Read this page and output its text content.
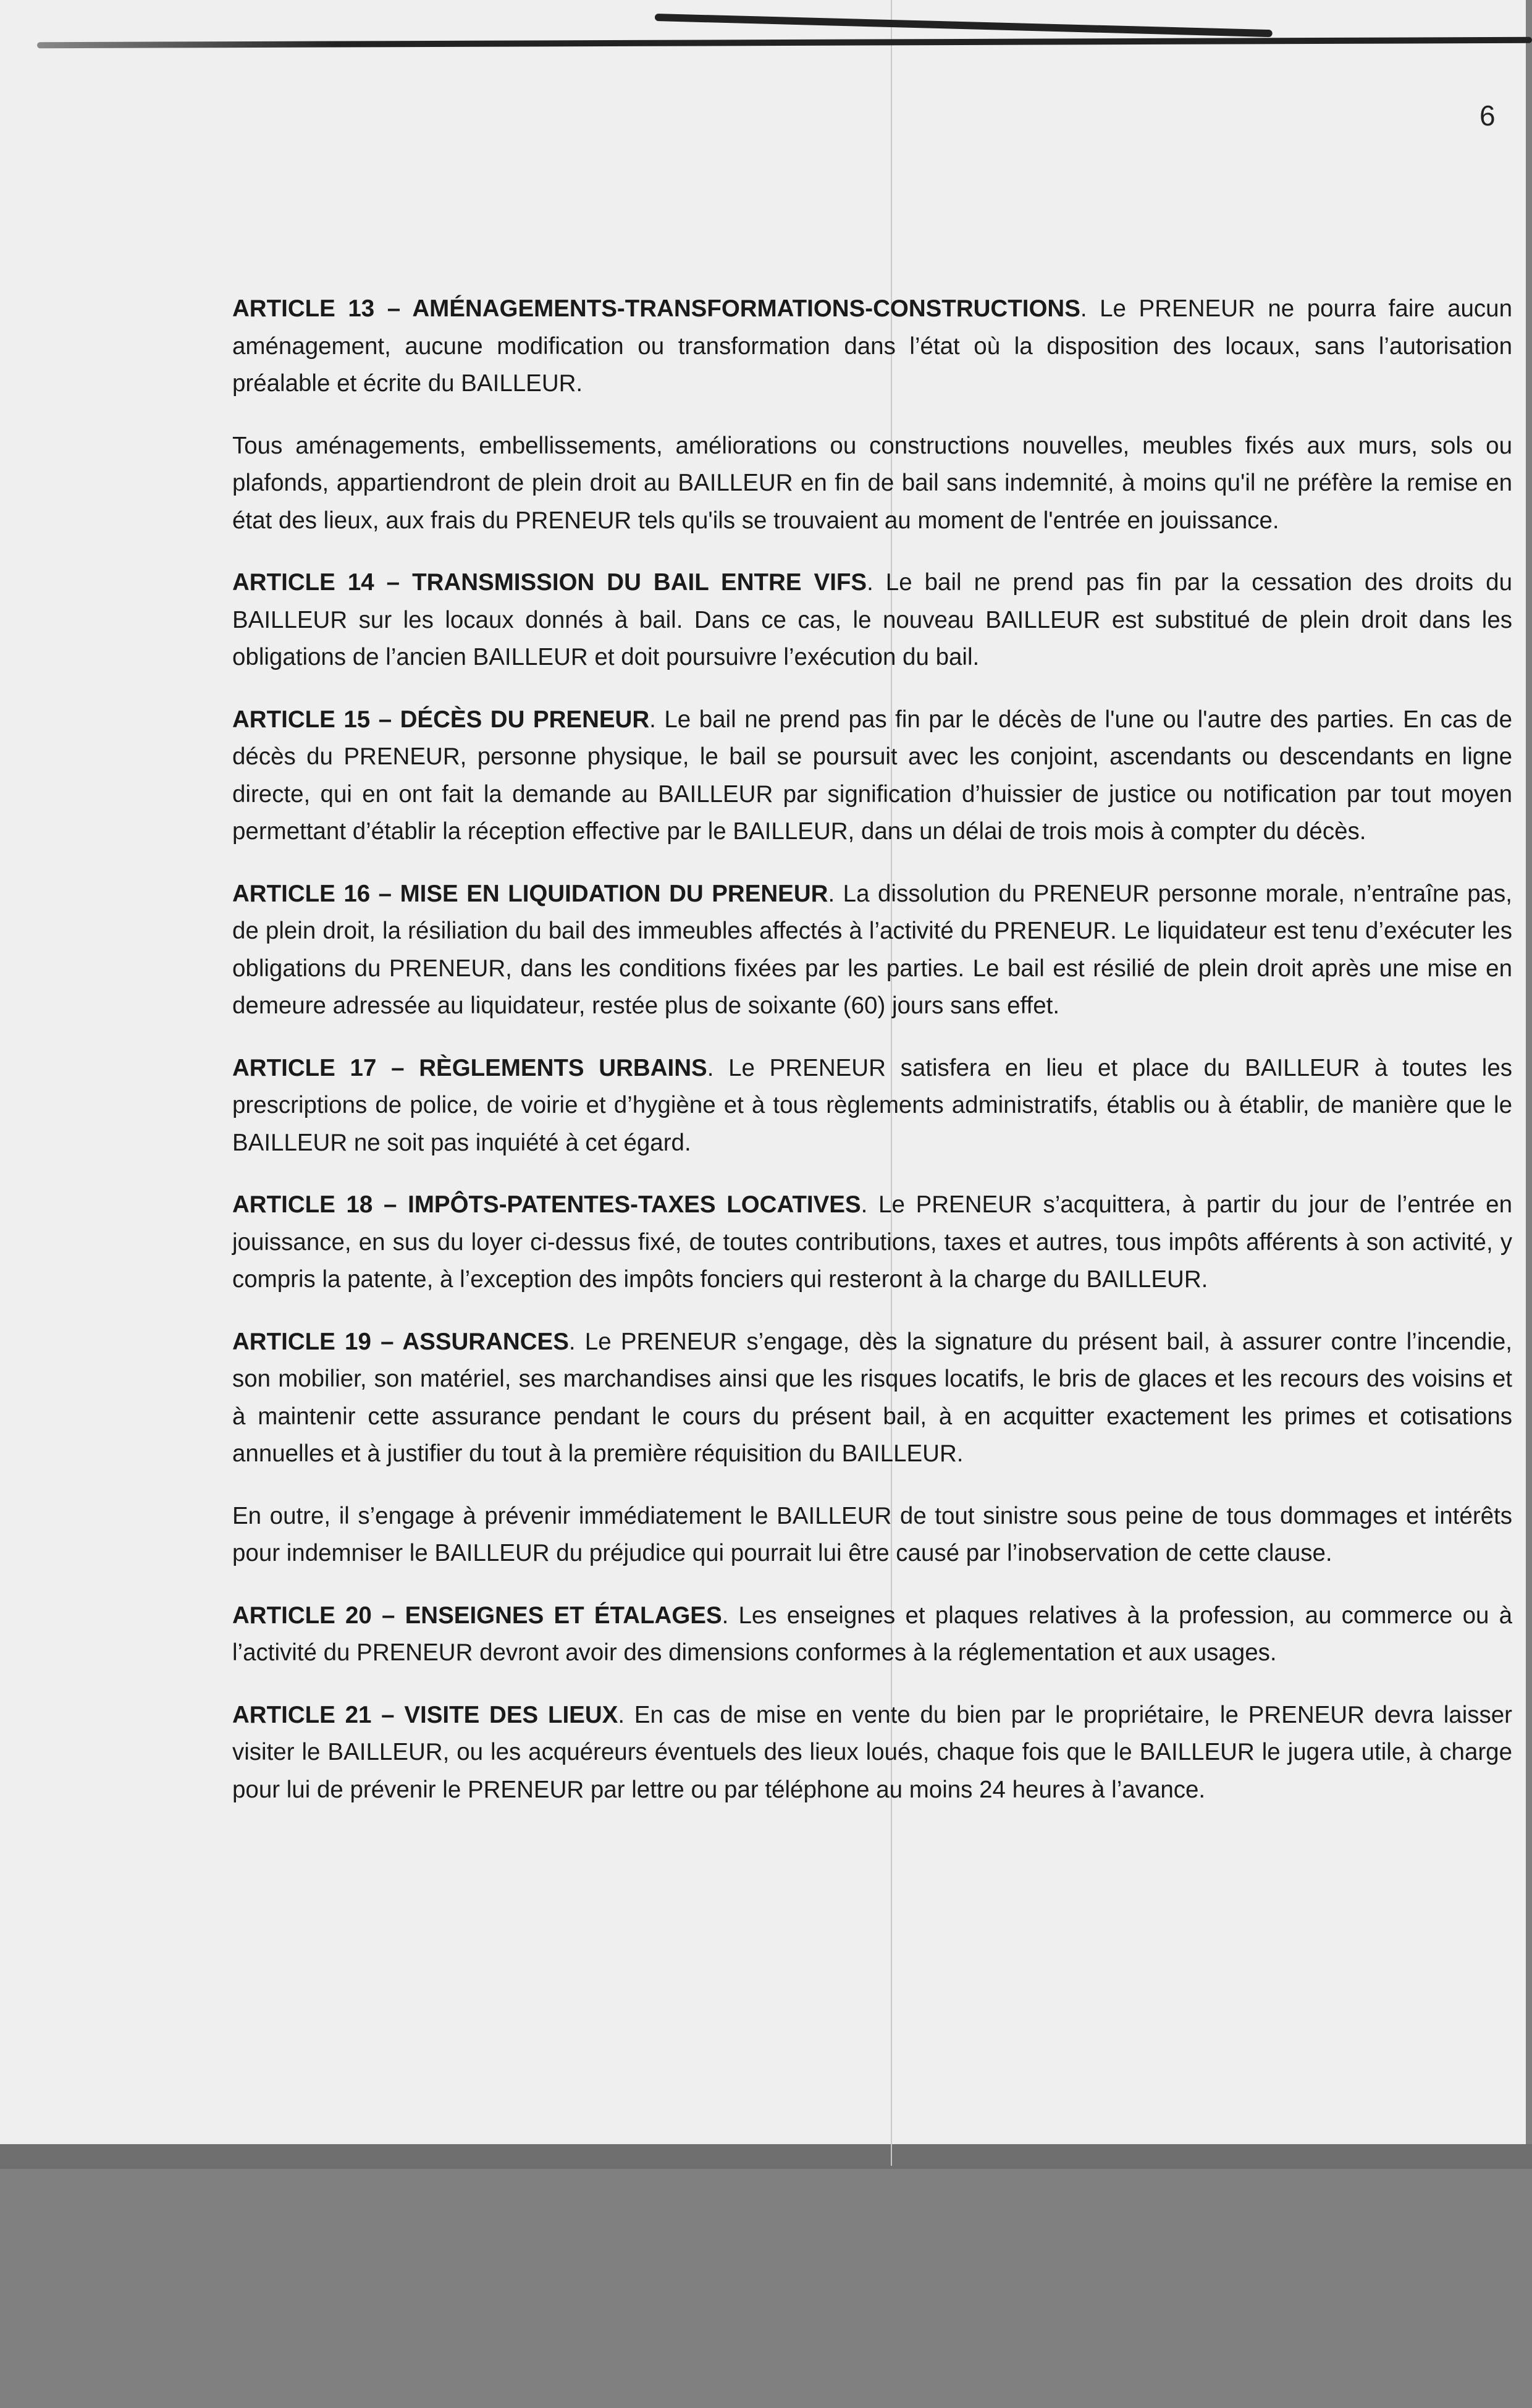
6

ARTICLE 13 – AMÉNAGEMENTS-TRANSFORMATIONS-CONSTRUCTIONS. Le PRENEUR ne pourra faire aucun aménagement, aucune modification ou transformation dans l’état où la disposition des locaux, sans l’autorisation préalable et écrite du BAILLEUR.

Tous aménagements, embellissements, améliorations ou constructions nouvelles, meubles fixés aux murs, sols ou plafonds, appartiendront de plein droit au BAILLEUR en fin de bail sans indemnité, à moins qu'il ne préfère la remise en état des lieux, aux frais du PRENEUR tels qu'ils se trouvaient au moment de l'entrée en jouissance.

ARTICLE 14 – TRANSMISSION DU BAIL ENTRE VIFS. Le bail ne prend pas fin par la cessation des droits du BAILLEUR sur les locaux donnés à bail. Dans ce cas, le nouveau BAILLEUR est substitué de plein droit dans les obligations de l’ancien BAILLEUR et doit poursuivre l’exécution du bail.

ARTICLE 15 – DÉCÈS DU PRENEUR. Le bail ne prend pas fin par le décès de l'une ou l'autre des parties. En cas de décès du PRENEUR, personne physique, le bail se poursuit avec les conjoint, ascendants ou descendants en ligne directe, qui en ont fait la demande au BAILLEUR par signification d’huissier de justice ou notification par tout moyen permettant d’établir la réception effective par le BAILLEUR, dans un délai de trois mois à compter du décès.

ARTICLE 16 – MISE EN LIQUIDATION DU PRENEUR. La dissolution du PRENEUR personne morale, n’entraîne pas, de plein droit, la résiliation du bail des immeubles affectés à l’activité du PRENEUR. Le liquidateur est tenu d’exécuter les obligations du PRENEUR, dans les conditions fixées par les parties. Le bail est résilié de plein droit après une mise en demeure adressée au liquidateur, restée plus de soixante (60) jours sans effet.

ARTICLE 17 – RÈGLEMENTS URBAINS. Le PRENEUR satisfera en lieu et place du BAILLEUR à toutes les prescriptions de police, de voirie et d’hygiène et à tous règlements administratifs, établis ou à établir, de manière que le BAILLEUR ne soit pas inquiété à cet égard.

ARTICLE 18 – IMPÔTS-PATENTES-TAXES LOCATIVES. Le PRENEUR s’acquittera, à partir du jour de l’entrée en jouissance, en sus du loyer ci-dessus fixé, de toutes contributions, taxes et autres, tous impôts afférents à son activité, y compris la patente, à l’exception des impôts fonciers qui resteront à la charge du BAILLEUR.

ARTICLE 19 – ASSURANCES. Le PRENEUR s’engage, dès la signature du présent bail, à assurer contre l’incendie, son mobilier, son matériel, ses marchandises ainsi que les risques locatifs, le bris de glaces et les recours des voisins et à maintenir cette assurance pendant le cours du présent bail, à en acquitter exactement les primes et cotisations annuelles et à justifier du tout à la première réquisition du BAILLEUR.

En outre, il s’engage à prévenir immédiatement le BAILLEUR de tout sinistre sous peine de tous dommages et intérêts pour indemniser le BAILLEUR du préjudice qui pourrait lui être causé par l’inobservation de cette clause.

ARTICLE 20 – ENSEIGNES ET ÉTALAGES. Les enseignes et plaques relatives à la profession, au commerce ou à l’activité du PRENEUR devront avoir des dimensions conformes à la réglementation et aux usages.

ARTICLE 21 – VISITE DES LIEUX. En cas de mise en vente du bien par le propriétaire, le PRENEUR devra laisser visiter le BAILLEUR, ou les acquéreurs éventuels des lieux loués, chaque fois que le BAILLEUR le jugera utile, à charge pour lui de prévenir le PRENEUR par lettre ou par téléphone au moins 24 heures à l’avance.
